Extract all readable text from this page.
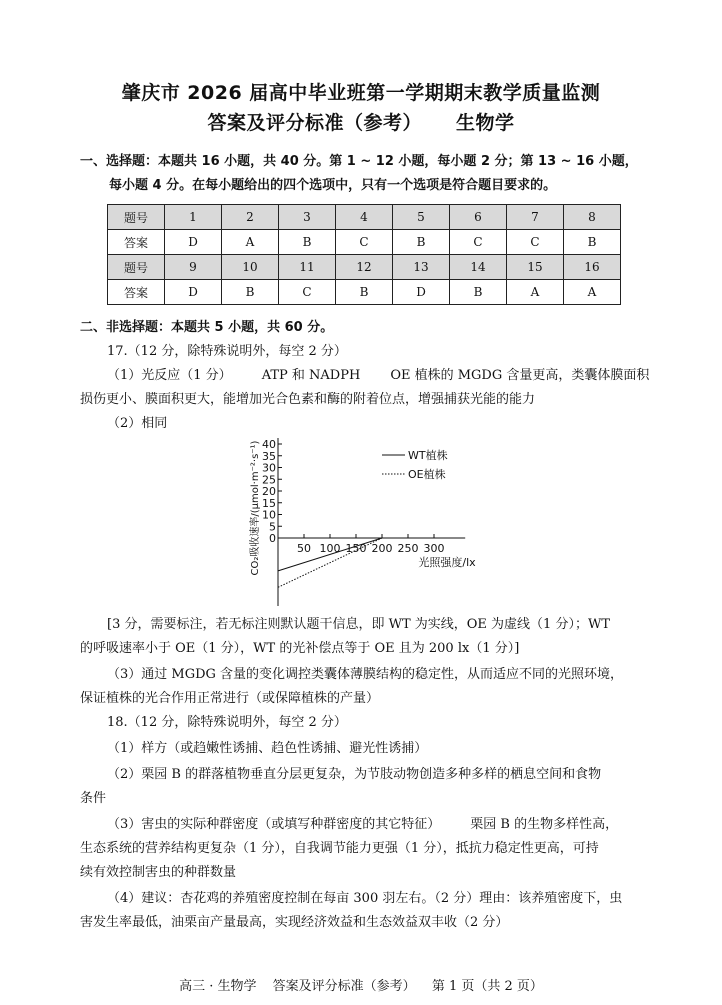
肇庆市 2026 届高中毕业班第一学期期末教学质量监测
答案及评分标准（参考） 生物学
一、选择题：本题共 16 小题，共 40 分。第 1 ~ 12 小题，每小题 2 分；第 13 ~ 16 小题，
每小题 4 分。在每小题给出的四个选项中，只有一个选项是符合题目要求的。
题号	1	2	3	4	5	6	7	8
答案	D	A	B	C	B	C	C	B
题号	9	10	11	12	13	14	15	16
答案	D	B	C	B	D	B	A	A
二、非选择题：本题共 5 小题，共 60 分。
17.（12 分，除特殊说明外，每空 2 分）
（1）光反应（1 分） ATP 和 NADPH OE 植株的 MGDG 含量更高，类囊体膜面积
损伤更小、膜面积更大，能增加光合色素和酶的附着位点，增强捕获光能的能力
（2）相同
0
5
10
15
20
25
30
35
40
50 100 150 200 250 300
WT植株
OE植株
光照强度/lx
CO₂吸收速率/(μmol·m⁻²·s⁻¹)
[3 分，需要标注，若无标注则默认题干信息，即 WT 为实线，OE 为虚线（1 分）；WT
的呼吸速率小于 OE（1 分），WT 的光补偿点等于 OE 且为 200 lx（1 分）]
（3）通过 MGDG 含量的变化调控类囊体薄膜结构的稳定性，从而适应不同的光照环境，
保证植株的光合作用正常进行（或保障植株的产量）
18.（12 分，除特殊说明外，每空 2 分）
（1）样方（或趋嫩性诱捕、趋色性诱捕、避光性诱捕）
（2）栗园 B 的群落植物垂直分层更复杂，为节肢动物创造多种多样的栖息空间和食物
条件
（3）害虫的实际种群密度（或填写种群密度的其它特征） 栗园 B 的生物多样性高，
生态系统的营养结构更复杂（1 分），自我调节能力更强（1 分），抵抗力稳定性更高，可持
续有效控制害虫的种群数量
（4）建议：杏花鸡的养殖密度控制在每亩 300 羽左右。（2 分）理由：该养殖密度下，虫
害发生率最低，油栗亩产量最高，实现经济效益和生态效益双丰收（2 分）
高三 · 生物学 答案及评分标准（参考） 第 1 页（共 2 页）
